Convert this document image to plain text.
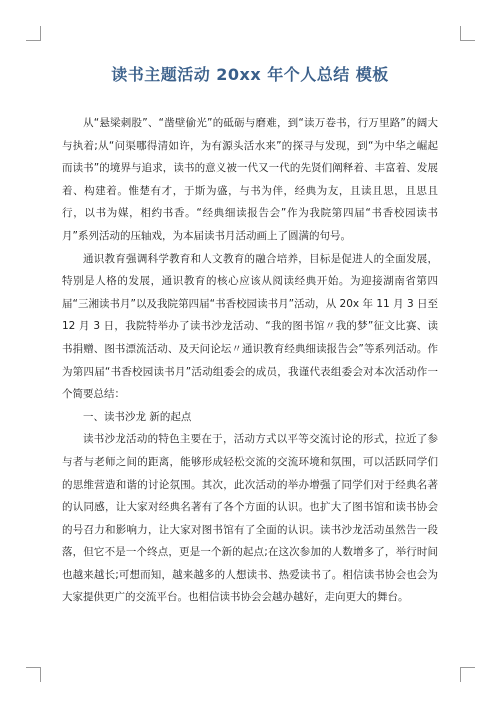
读书主题活动 20xx 年个人总结 模板

从“悬梁刺股”、“凿壁偷光”的砥砺与磨难，到“读万卷书，行万里路”的阔大与执着;从“问渠哪得清如许，为有源头活水来”的探寻与发现，到“为中华之崛起而读书”的境界与追求，读书的意义被一代又一代的先贤们阐释着、丰富着、发展着、构建着。惟楚有才，于斯为盛，与书为伴，经典为友，且读且思，且思且行，以书为媒，相约书香。“经典细读报告会”作为我院第四届“书香校园读书月”系列活动的压轴戏，为本届读书月活动画上了圆满的句号。

通识教育强调科学教育和人文教育的融合培养，目标是促进人的全面发展，特别是人格的发展，通识教育的核心应该从阅读经典开始。为迎接湖南省第四届“三湘读书月”以及我院第四届“书香校园读书月”活动，从 20x 年 11 月 3 日至 12 月 3 日，我院特举办了读书沙龙活动、“我的图书馆〃我的梦”征文比赛、读书捐赠、图书漂流活动、及天问论坛〃通识教育经典细读报告会”等系列活动。作为第四届“书香校园读书月”活动组委会的成员，我谨代表组委会对本次活动作一个简要总结：

一、读书沙龙 新的起点

读书沙龙活动的特色主要在于，活动方式以平等交流讨论的形式，拉近了参与者与老师之间的距离，能够形成轻松交流的交流环境和氛围，可以活跃同学们的思维营造和谐的讨论氛围。其次，此次活动的举办增强了同学们对于经典名著的认同感，让大家对经典名著有了各个方面的认识。也扩大了图书馆和读书协会的号召力和影响力，让大家对图书馆有了全面的认识。读书沙龙活动虽然告一段落，但它不是一个终点，更是一个新的起点;在这次参加的人数增多了，举行时间也越来越长;可想而知，越来越多的人想读书、热爱读书了。相信读书协会也会为大家提供更广的交流平台。也相信读书协会会越办越好，走向更大的舞台。
